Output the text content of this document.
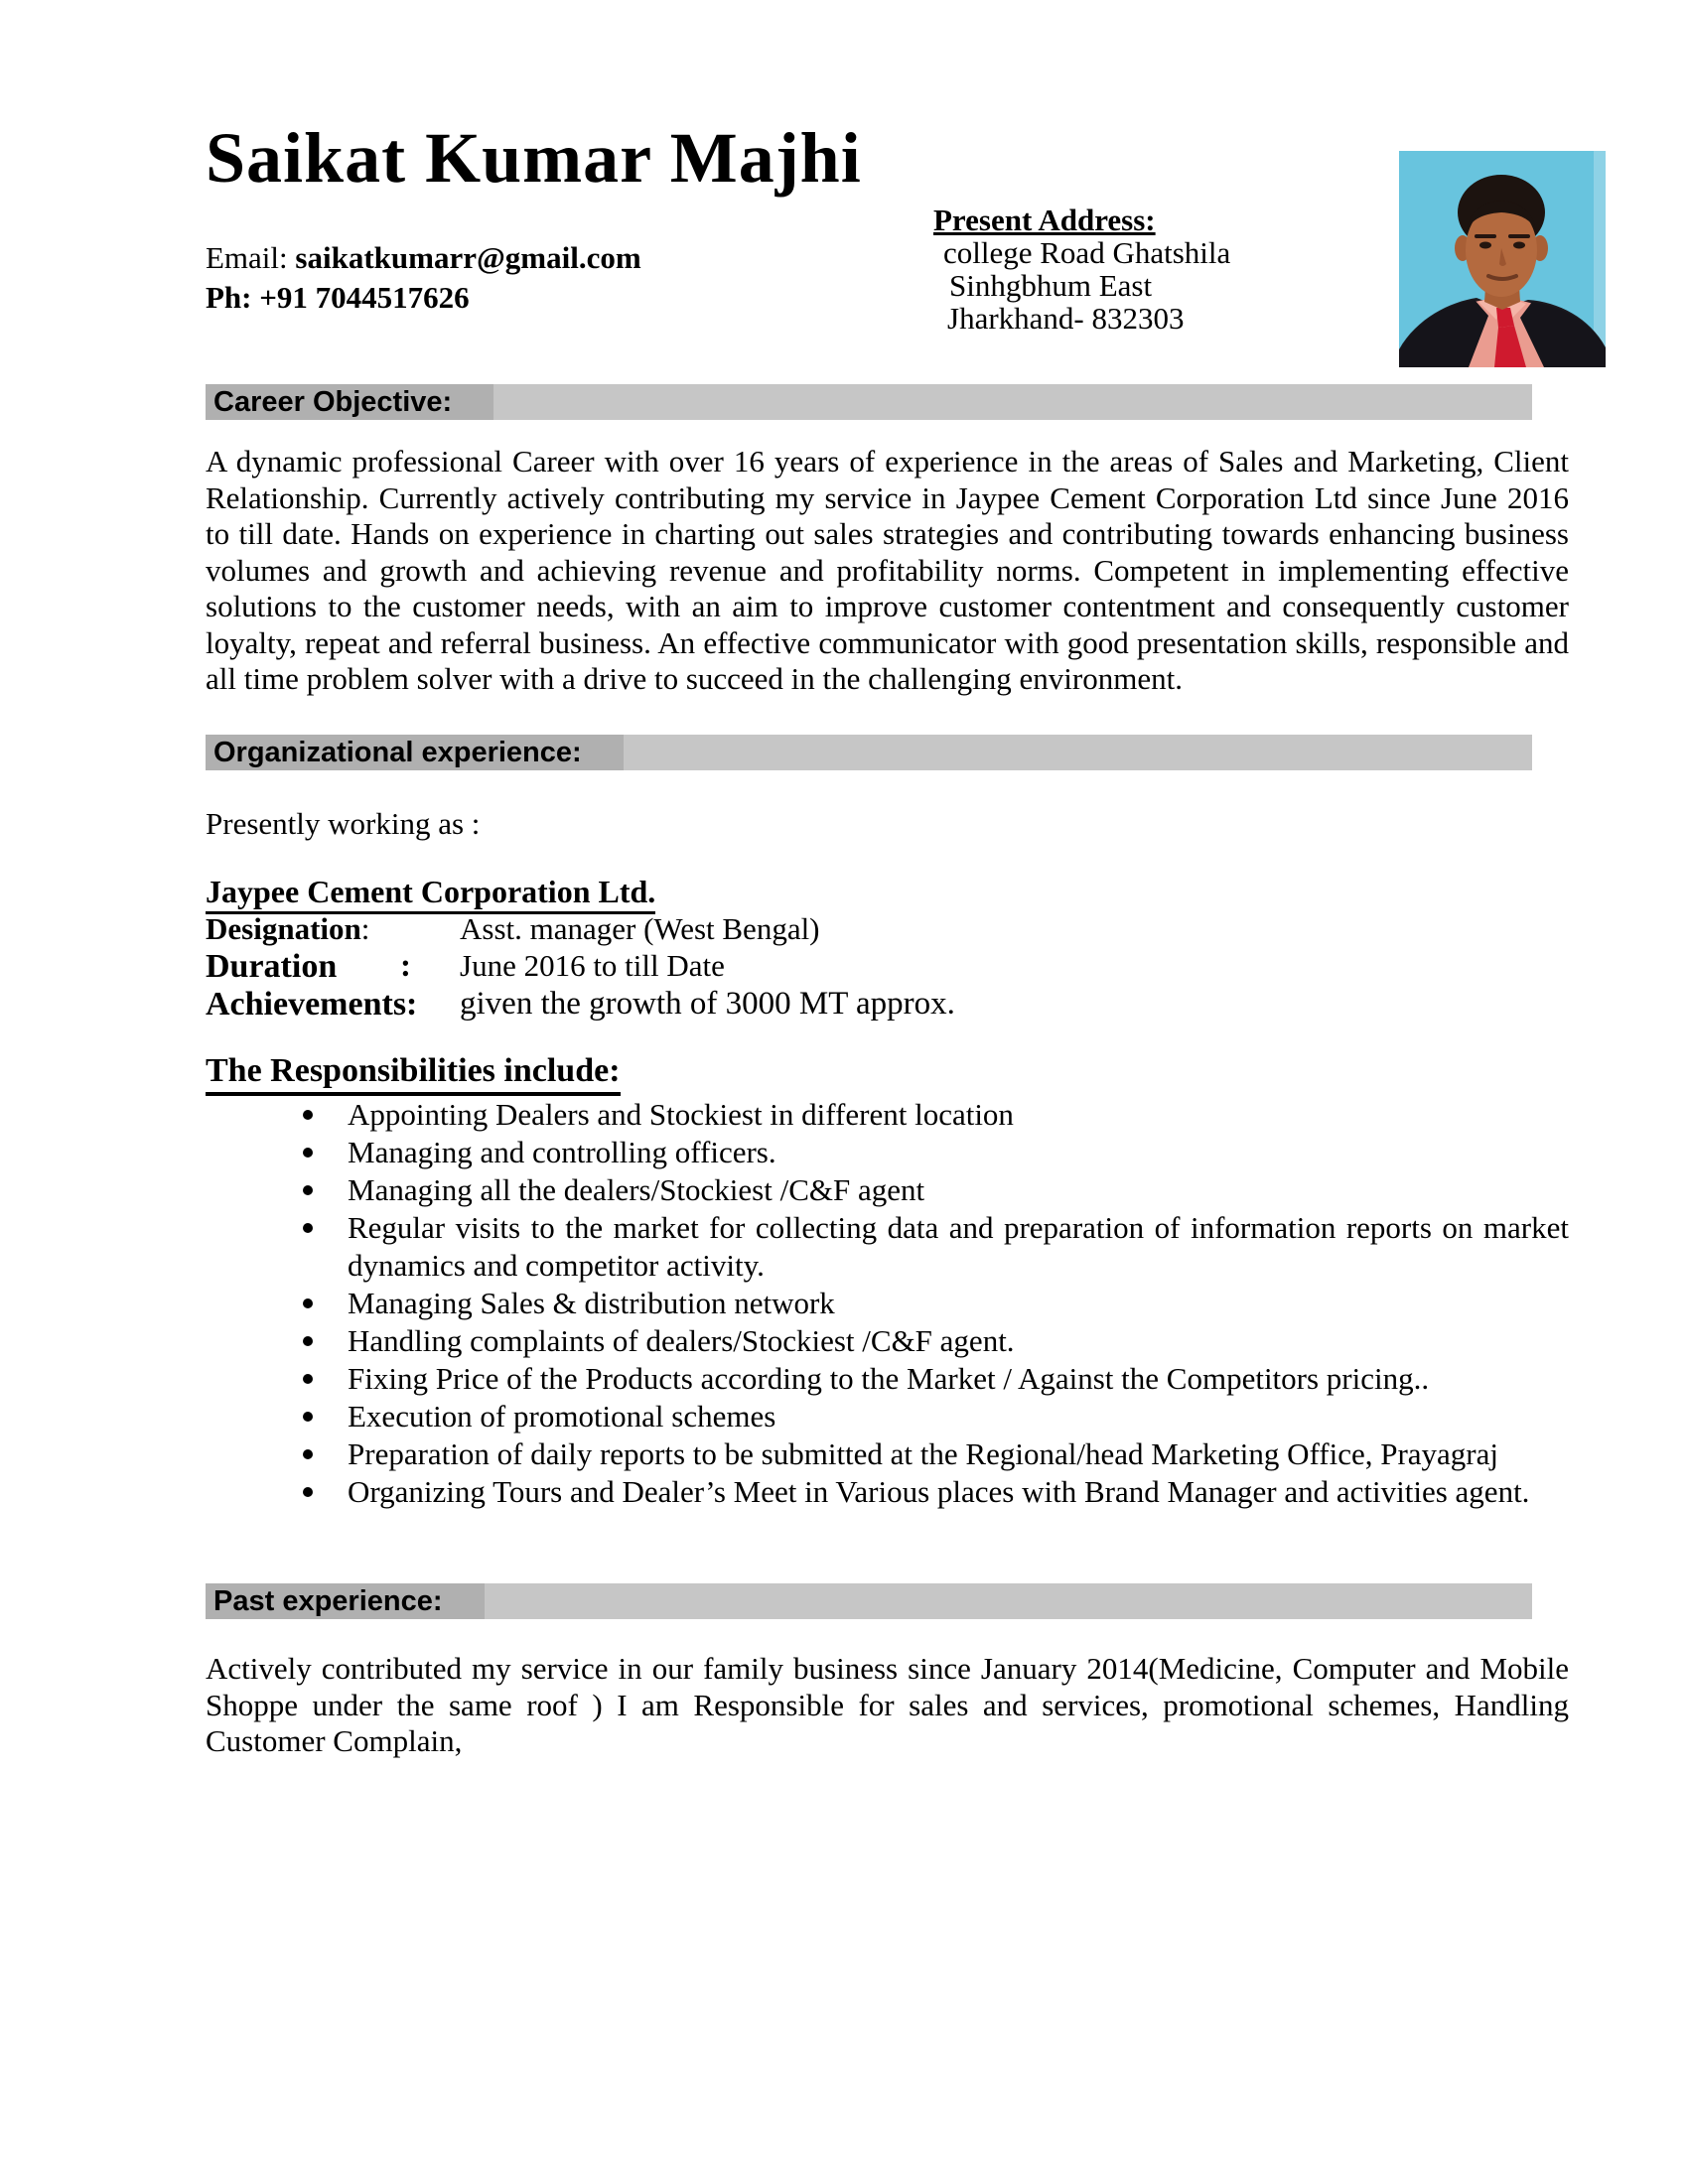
Saikat Kumar Majhi
Email: saikatkumarr@gmail.com
Ph: +91 7044517626
Present Address:
college Road Ghatshila
Sinhgbhum East
Jharkhand- 832303
Career Objective:
A dynamic professional Career with over 16 years of experience in the areas of Sales and Marketing, Client Relationship. Currently actively contributing my service in Jaypee Cement Corporation Ltd since June 2016 to till date. Hands on experience in charting out sales strategies and contributing towards enhancing business volumes and growth and achieving revenue and profitability norms. Competent in implementing effective solutions to the customer needs, with an aim to improve customer contentment and consequently customer loyalty, repeat and referral business. An effective communicator with good presentation skills, responsible and all time problem solver with a drive to succeed in the challenging environment.
Organizational experience:
Presently working as :
Jaypee Cement Corporation Ltd.
Designation:	Asst. manager (West Bengal)
Duration : June 2016 to till Date
Achievements: given the growth of 3000 MT approx.
The Responsibilities include:
Appointing Dealers and Stockiest in different location
Managing and controlling officers.
Managing all the dealers/Stockiest /C&F agent
Regular visits to the market for collecting data and preparation of information reports on market dynamics and competitor activity.
Managing Sales & distribution network
Handling complaints of dealers/Stockiest /C&F agent.
Fixing Price of the Products according to the Market / Against the Competitors pricing..
Execution of promotional schemes
Preparation of daily reports to be submitted at the Regional/head Marketing Office, Prayagraj
Organizing Tours and Dealer’s Meet in Various places with Brand Manager and activities agent.
Past experience:
Actively contributed my service in our family business since January 2014(Medicine, Computer and Mobile Shoppe under the same roof ) I am Responsible for sales and services, promotional schemes, Handling Customer Complain,
